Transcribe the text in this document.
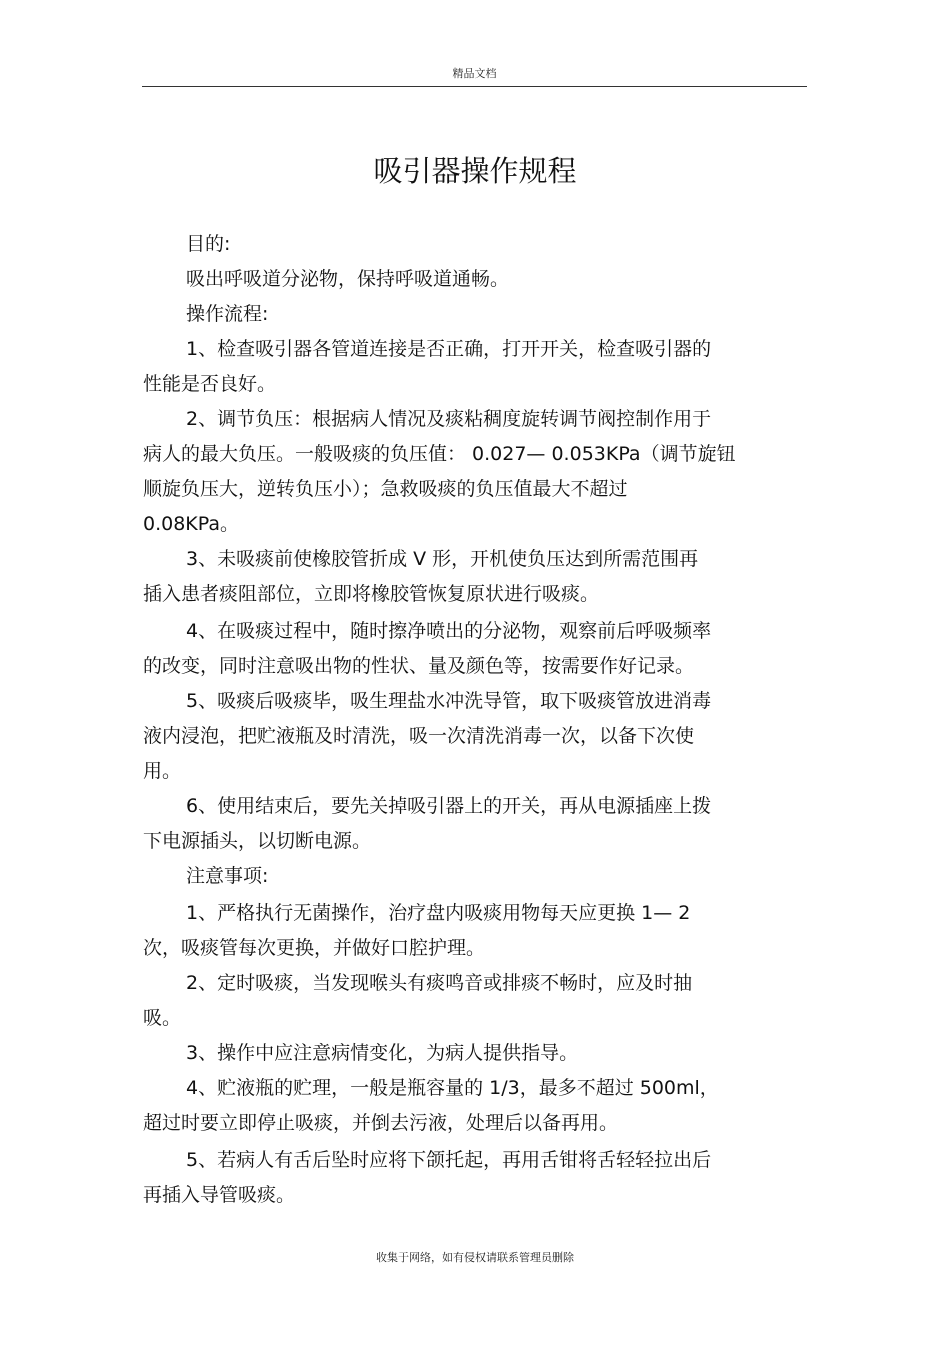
精品文档
吸引器操作规程
目的:
吸出呼吸道分泌物，保持呼吸道通畅。
操作流程:
1、检查吸引器各管道连接是否正确，打开开关，检查吸引器的
性能是否良好。
2、调节负压：根据病人情况及痰粘稠度旋转调节阀控制作用于
病人的最大负压。一般吸痰的负压值： 0.027— 0.053KPa（调节旋钮
顺旋负压大，逆转负压小）；急救吸痰的负压值最大不超过
0.08KPa。
3、未吸痰前使橡胶管折成 V 形，开机使负压达到所需范围再
插入患者痰阻部位，立即将橡胶管恢复原状进行吸痰。
4、在吸痰过程中，随时擦净喷出的分泌物，观察前后呼吸频率
的改变，同时注意吸出物的性状、量及颜色等，按需要作好记录。
5、吸痰后吸痰毕，吸生理盐水冲洗导管，取下吸痰管放进消毒
液内浸泡，把贮液瓶及时清洗，吸一次清洗消毒一次，以备下次使
用。
6、使用结束后，要先关掉吸引器上的开关，再从电源插座上拨
下电源插头，以切断电源。
注意事项:
1、严格执行无菌操作，治疗盘内吸痰用物每天应更换 1— 2
次，吸痰管每次更换，并做好口腔护理。
2、定时吸痰，当发现喉头有痰鸣音或排痰不畅时，应及时抽
吸。
3、操作中应注意病情变化，为病人提供指导。
4、贮液瓶的贮理，一般是瓶容量的 1/3，最多不超过 500ml，
超过时要立即停止吸痰，并倒去污液，处理后以备再用。
5、若病人有舌后坠时应将下颌托起，再用舌钳将舌轻轻拉出后
再插入导管吸痰。
收集于网络，如有侵权请联系管理员删除
